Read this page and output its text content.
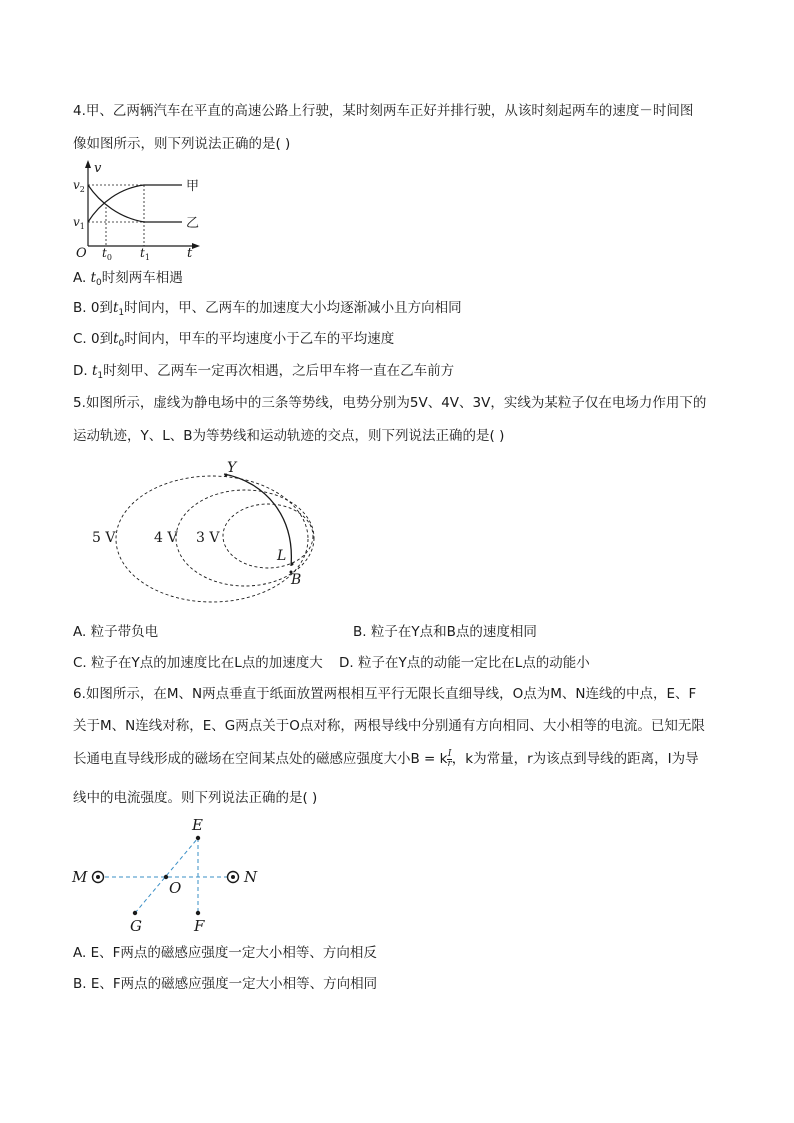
4.甲、乙两辆汽车在平直的高速公路上行驶，某时刻两车正好并排行驶，从该时刻起两车的速度－时间图
像如图所示，则下列说法正确的是( )
v
$v_2$
$v_1$
O $t_0$ $t_1$	t
甲
乙
A. $t_0$时刻两车相遇
B. 0到$t_1$时间内，甲、乙两车的加速度大小均逐渐减小且方向相同
C. 0到$t_0$时间内，甲车的平均速度小于乙车的平均速度
D. $t_1$时刻甲、乙两车一定再次相遇，之后甲车将一直在乙车前方
5.如图所示，虚线为静电场中的三条等势线，电势分别为5V、4V、3V，实线为某粒子仅在电场力作用下的
运动轨迹，Y、L、B为等势线和运动轨迹的交点，则下列说法正确的是( )
5 V	4 V 3 V
Y
L
B
A. 粒子带负电	B. 粒子在Y点和B点的速度相同
C. 粒子在Y点的加速度比在L点的加速度大 D. 粒子在Y点的动能一定比在L点的动能小
6.如图所示，在M、N两点垂直于纸面放置两根相互平行无限长直细导线，O点为M、N连线的中点，E、F
关于M、N连线对称，E、G两点关于O点对称，两根导线中分别通有方向相同、大小相等的电流。已知无限
长通电直导线形成的磁场在空间某点处的磁感应强度大小B = k $\frac{I}{r}$ ，k为常量，r为该点到导线的距离，I为导
线中的电流强度。则下列说法正确的是( )
M	N
E
O
F
G
A. E、F两点的磁感应强度一定大小相等、方向相反
B. E、F两点的磁感应强度一定大小相等、方向相同
